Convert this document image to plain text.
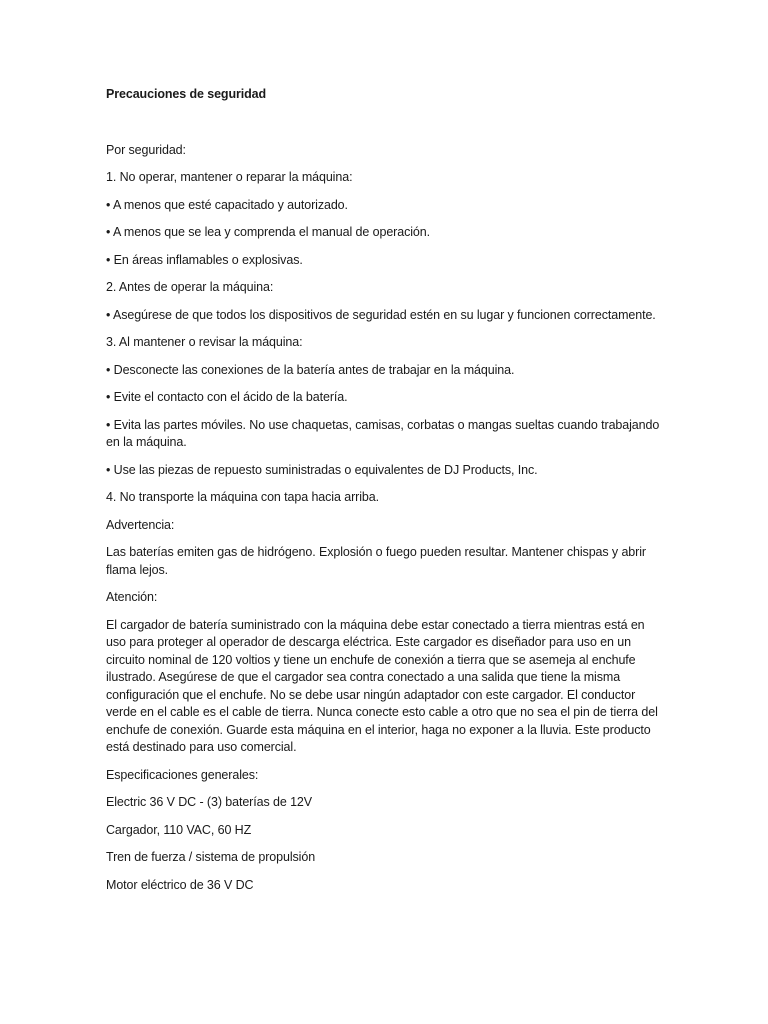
Precauciones de seguridad

Por seguridad:

1. No operar, mantener o reparar la máquina:

• A menos que esté capacitado y autorizado.

• A menos que se lea y comprenda el manual de operación.

• En áreas inflamables o explosivas.

2. Antes de operar la máquina:

• Asegúrese de que todos los dispositivos de seguridad estén en su lugar y funcionen correctamente.

3. Al mantener o revisar la máquina:

• Desconecte las conexiones de la batería antes de trabajar en la máquina.

• Evite el contacto con el ácido de la batería.

• Evita las partes móviles. No use chaquetas, camisas, corbatas o mangas sueltas cuando trabajando en la máquina.

• Use las piezas de repuesto suministradas o equivalentes de DJ Products, Inc.

4. No transporte la máquina con tapa hacia arriba.

Advertencia:

Las baterías emiten gas de hidrógeno. Explosión o fuego pueden resultar. Mantener chispas y abrir flama lejos.

Atención:

El cargador de batería suministrado con la máquina debe estar conectado a tierra mientras está en uso para proteger al operador de descarga eléctrica. Este cargador es diseñador para uso en un circuito nominal de 120 voltios y tiene un enchufe de conexión a tierra que se asemeja al enchufe ilustrado. Asegúrese de que el cargador sea contra conectado a una salida que tiene la misma configuración que el enchufe. No se debe usar ningún adaptador con este cargador. El conductor verde en el cable es el cable de tierra. Nunca conecte esto cable a otro que no sea el pin de tierra del enchufe de conexión. Guarde esta máquina en el interior, haga no exponer a la lluvia. Este producto está destinado para uso comercial.

Especificaciones generales:

Electric 36 V DC - (3) baterías de 12V

Cargador, 110 VAC, 60 HZ

Tren de fuerza / sistema de propulsión

Motor eléctrico de 36 V DC
